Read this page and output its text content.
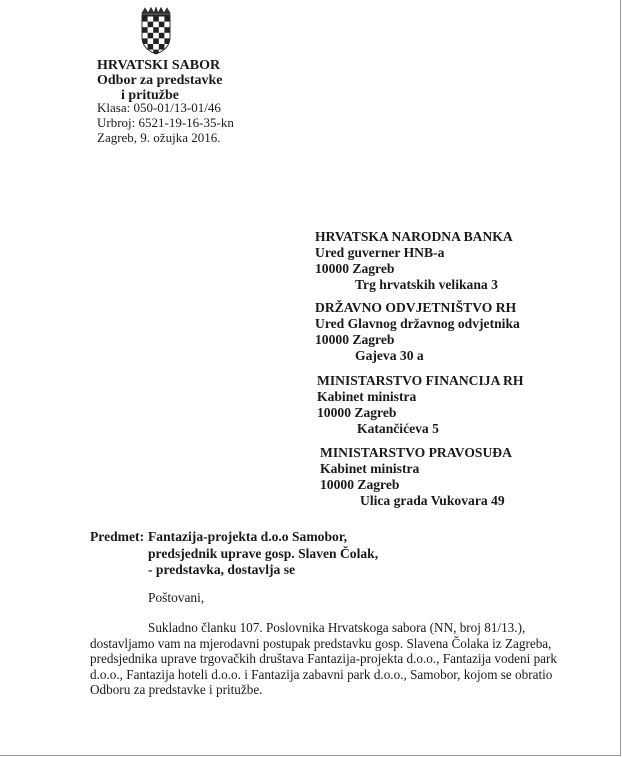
HRVATSKI SABOR
Odbor za predstavke
i pritužbe
Klasa: 050-01/13-01/46
Urbroj: 6521-19-16-35-kn
Zagreb, 9. ožujka 2016.
HRVATSKA NARODNA BANKA
Ured guverner HNB-a
10000 Zagreb
Trg hrvatskih velikana 3
DRŽAVNO ODVJETNIŠTVO RH
Ured Glavnog državnog odvjetnika
10000 Zagreb
Gajeva 30 a
MINISTARSTVO FINANCIJA RH
Kabinet ministra
10000 Zagreb
Katančićeva 5
MINISTARSTVO PRAVOSUĐA
Kabinet ministra
10000 Zagreb
Ulica grada Vukovara 49
Predmet: Fantazija-projekta d.o.o Samobor,
predsjednik uprave gosp. Slaven Čolak,
- predstavka, dostavlja se
Poštovani,
Sukladno članku 107. Poslovnika Hrvatskoga sabora (NN, broj 81/13.),
dostavljamo vam na mjerodavni postupak predstavku gosp. Slavena Čolaka iz Zagreba,
predsjednika uprave trgovačkih društava Fantazija-projekta d.o.o., Fantazija vodeni park
d.o.o., Fantazija hoteli d.o.o. i Fantazija zabavni park d.o.o., Samobor, kojom se obratio
Odboru za predstavke i pritužbe.
